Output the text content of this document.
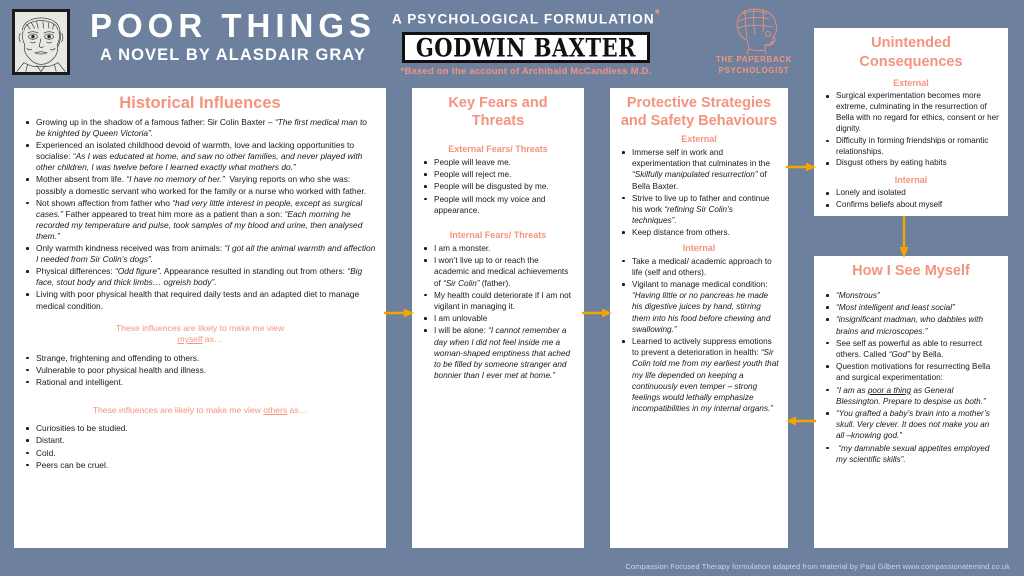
POOR THINGS
A NOVEL BY ALASDAIR GRAY
A PSYCHOLOGICAL FORMULATION*
GODWIN BAXTER
*Based on the account of Archibald McCandless M.D.
THE PAPERBACK
PSYCHOLOGIST
Historical Influences
Growing up in the shadow of a famous father: Sir Colin Baxter – “The first medical man to be knighted by Queen Victoria”.
Experienced an isolated childhood devoid of warmth, love and lacking opportunities to socialise: “As I was educated at home, and saw no other families, and never played with other children, I was twelve before I learned exactly what mothers do.”
Mother absent from life. “I have no memory of her.”  Varying reports on who she was: possibly a domestic servant who worked for the family or a nurse who worked with father.
Not shown affection from father who “had very little interest in people, except as surgical cases.” Father appeared to treat him more as a patient than a son: “Each morning he recorded my temperature and pulse, took samples of my blood and urine, then analysed them.”
Only warmth kindness received was from animals: “I got all the animal warmth and affection I needed from Sir Colin’s dogs”.
Physical differences: “Odd figure”. Appearance resulted in standing out from others: “Big face, stout body and thick limbs… ogreish body”.
Living with poor physical health that required daily tests and an adapted diet to manage medical condition.
These influences are likely to make me view
myself as…
Strange, frightening and offending to others.
Vulnerable to poor physical health and illness.
Rational and intelligent.
These influences are likely to make me view others as…
Curiosities to be studied.
Distant.
Cold.
Peers can be cruel.
Key Fears and Threats
External Fears/ Threats
People will leave me.
People will reject me.
People will be disgusted by me.
People will mock my voice and appearance.
Internal Fears/ Threats
I am a monster.
I won’t live up to or reach the academic and medical achievements of “Sir Colin” (father).
My health could deteriorate if I am not vigilant in managing it.
I am unlovable
I will be alone: “I cannot remember a day when I did not feel inside me a woman-shaped emptiness that ached to be filled by someone stranger and bonnier than I ever met at home.”
Protective Strategies and Safety Behaviours
External
Immerse self in work and experimentation that culminates in the “Skilfully manipulated resurrection” of Bella Baxter.
Strive to live up to father and continue his work “refining Sir Colin’s techniques”.
Keep distance from others.
Internal
Take a medical/ academic approach to life (self and others).
Vigilant to manage medical condition: “Having little or no pancreas he made his digestive juices by hand, stirring them into his food before chewing and swallowing.”
Learned to actively suppress emotions to prevent a deterioration in health: “Sir Colin told me from my earliest youth that my life depended on keeping a continuously even temper – strong feelings would lethally emphasize incompatibilities in my internal organs.”
Unintended Consequences
External
Surgical experimentation becomes more extreme, culminating in the resurrection of Bella with no regard for ethics, consent or her dignity.
Difficulty in forming friendships or romantic relationships.
Disgust others by eating habits
Internal
Lonely and isolated
Confirms beliefs about myself
How I See Myself
“Monstrous”
“Most intelligent and least social”
“insignificant madman, who dabbles with brains and microscopes.”
See self as powerful as able to resurrect others. Called “God” by Bella.
Question motivations for resurrecting Bella and surgical experimentation:
“I am as poor a thing as General Blessington. Prepare to despise us both.”
“You grafted a baby’s brain into a mother’s skull. Very clever. It does not make you an all –knowing god.”
“my damnable sexual appetites employed my scientific skills”.
Compassion Focused Therapy formulation adapted from material by Paul Gilbert www.compassionatemind.co.uk
